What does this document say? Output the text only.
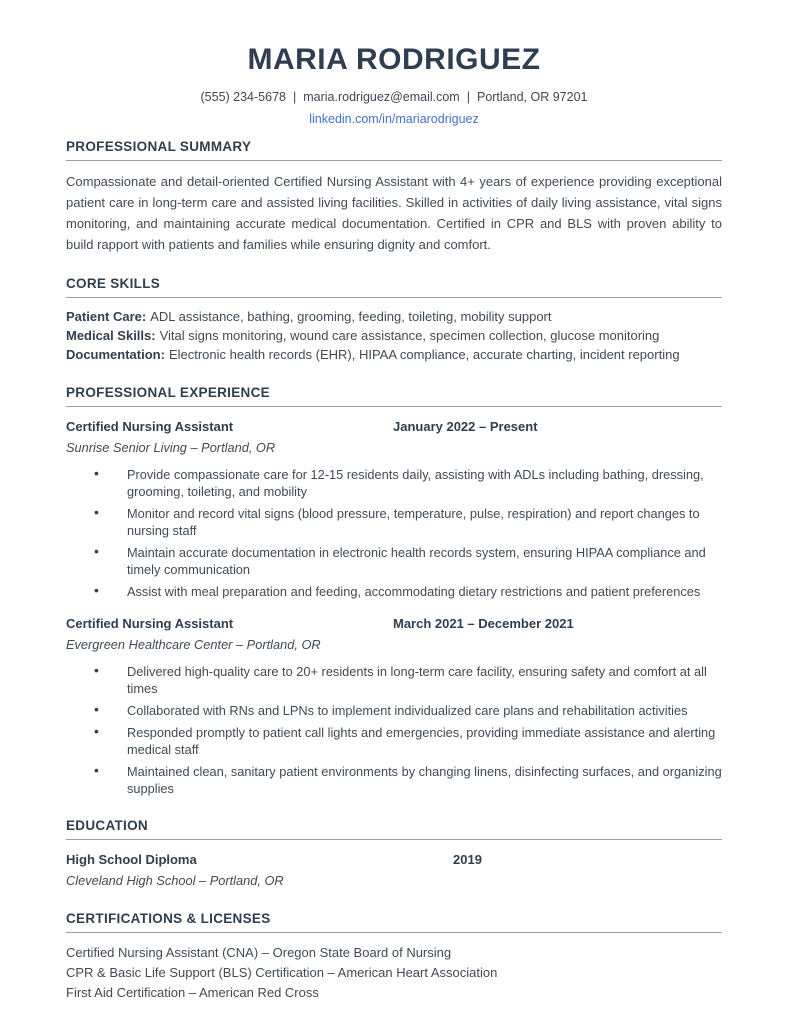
MARIA RODRIGUEZ
(555) 234-5678 | maria.rodriguez@email.com | Portland, OR 97201
linkedin.com/in/mariarodriguez
PROFESSIONAL SUMMARY

Compassionate and detail-oriented Certified Nursing Assistant with 4+ years of experience providing exceptional patient care in long-term care and assisted living facilities. Skilled in activities of daily living assistance, vital signs monitoring, and maintaining accurate medical documentation. Certified in CPR and BLS with proven ability to build rapport with patients and families while ensuring dignity and comfort.

CORE SKILLS
Patient Care: ADL assistance, bathing, grooming, feeding, toileting, mobility support
Medical Skills: Vital signs monitoring, wound care assistance, specimen collection, glucose monitoring
Documentation: Electronic health records (EHR), HIPAA compliance, accurate charting, incident reporting
PROFESSIONAL EXPERIENCE
Certified Nursing Assistant	January 2022 – Present
Sunrise Senior Living – Portland, OR
• Provide compassionate care for 12-15 residents daily, assisting with ADLs including bathing, dressing, grooming, toileting, and mobility
• Monitor and record vital signs (blood pressure, temperature, pulse, respiration) and report changes to nursing staff
• Maintain accurate documentation in electronic health records system, ensuring HIPAA compliance and timely communication
• Assist with meal preparation and feeding, accommodating dietary restrictions and patient preferences
Certified Nursing Assistant	March 2021 – December 2021
Evergreen Healthcare Center – Portland, OR
• Delivered high-quality care to 20+ residents in long-term care facility, ensuring safety and comfort at all times
• Collaborated with RNs and LPNs to implement individualized care plans and rehabilitation activities
• Responded promptly to patient call lights and emergencies, providing immediate assistance and alerting medical staff
• Maintained clean, sanitary patient environments by changing linens, disinfecting surfaces, and organizing supplies
EDUCATION
High School Diploma	2019
Cleveland High School – Portland, OR
CERTIFICATIONS & LICENSES
Certified Nursing Assistant (CNA) – Oregon State Board of Nursing
CPR & Basic Life Support (BLS) Certification – American Heart Association
First Aid Certification – American Red Cross
